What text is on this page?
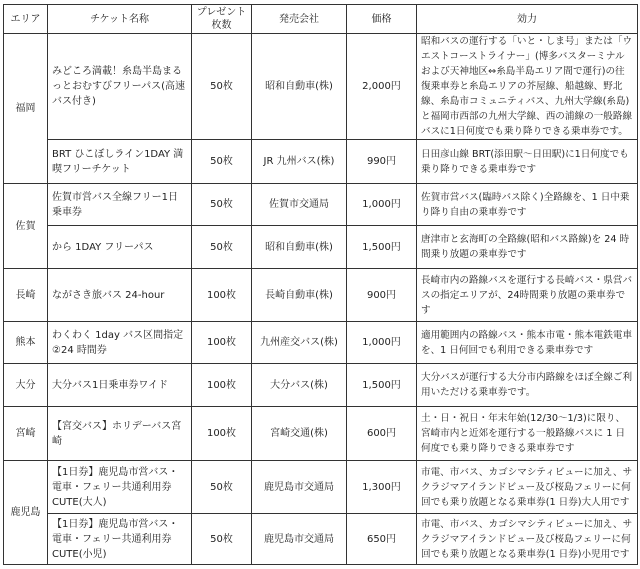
エリア	チケット名称	プレゼント枚数	発売会社	価格	効力
福岡	みどころ満載！糸島半島まるっとおむすびフリーパス(高速バス付き)	50枚	昭和自動車(株)	2,000円	昭和バスの運行する「いと・しま号」または「ウエストコーストライナー」(博多バスターミナルおよび天神地区⇔糸島半島エリア間で運行)の往復乗車券と糸島エリアの芥屋線、船越線、野北線、糸島市コミュニティバス、九州大学線(糸島)と福岡市西部の九州大学線、西の浦線の一般路線バスに1日何度でも乗り降りできる乗車券です。
	BRT ひこぼしライン1DAY 満喫フリーチケット	50枚	JR 九州バス(株)	990円	日田彦山線 BRT(添田駅～日田駅)に1日何度でも乗り降りできる乗車券です
佐賀	佐賀市営バス全線フリー1日乗車券	50枚	佐賀市交通局	1,000円	佐賀市営バス(臨時バス除く)全路線を、1 日中乗り降り自由の乗車券です
	から 1DAY フリーパス	50枚	昭和自動車(株)	1,500円	唐津市と玄海町の全路線(昭和バス路線)を 24 時間乗り放題の乗車券です
長崎	ながさき旅バス 24-hour	100枚	長崎自動車(株)	900円	長崎市内の路線バスを運行する長崎バス・県営バスの指定エリアが、24時間乗り放題の乗車券です
熊本	わくわく 1day バス区間指定②24 時間券	100枚	九州産交バス(株)	1,000円	適用範囲内の路線バス・熊本市電・熊本電鉄電車を、1 日何回でも利用できる乗車券です
大分	大分バス1日乗車券ワイド	100枚	大分バス(株)	1,500円	大分バスが運行する大分市内路線をほぼ全線ご利用いただける乗車券です。
宮崎	【宮交バス】ホリデーバス宮崎	100枚	宮崎交通(株)	600円	土・日・祝日・年末年始(12/30～1/3)に限り、宮崎市内と近郊を運行する一般路線バスに 1 日何度でも乗り降りできる乗車券です
鹿児島	【1日券】鹿児島市営バス・電車・フェリー共通利用券CUTE(大人)	50枚	鹿児島市交通局	1,300円	市電、市バス、カゴシマシティビューに加え、サクラジマアイランドビュー及び桜島フェリーに何回でも乗り放題となる乗車券(1 日券)大人用です
	【1日券】鹿児島市営バス・電車・フェリー共通利用券CUTE(小児)	50枚	鹿児島市交通局	650円	市電、市バス、カゴシマシティビューに加え、サクラジマアイランドビュー及び桜島フェリーに何回でも乗り放題となる乗車券(1 日券)小児用です
